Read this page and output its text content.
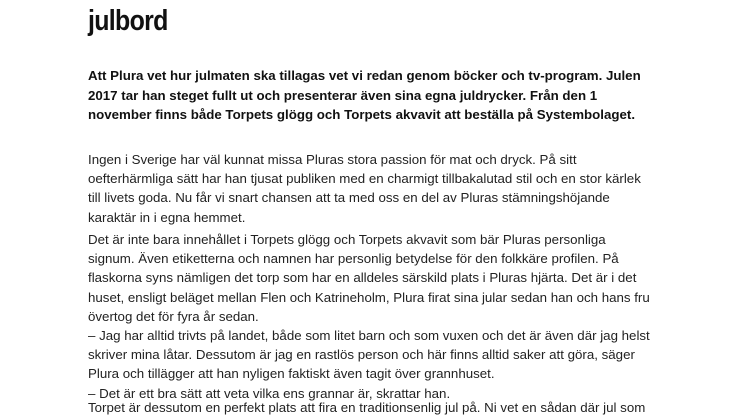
julbord

Att Plura vet hur julmaten ska tillagas vet vi redan genom böcker och tv-program. Julen
2017 tar han steget fullt ut och presenterar även sina egna juldrycker. Från den 1
november finns både Torpets glögg och Torpets akvavit att beställa på Systembolaget.

Ingen i Sverige har väl kunnat missa Pluras stora passion för mat och dryck. På sitt
oefterhärmliga sätt har han tjusat publiken med en charmigt tillbakalutad stil och en stor kärlek
till livets goda. Nu får vi snart chansen att ta med oss en del av Pluras stämningshöjande
karaktär in i egna hemmet.

Det är inte bara innehållet i Torpets glögg och Torpets akvavit som bär Pluras personliga
signum. Även etiketterna och namnen har personlig betydelse för den folkkäre profilen. På
flaskorna syns nämligen det torp som har en alldeles särskild plats i Pluras hjärta. Det är i det
huset, ensligt beläget mellan Flen och Katrineholm, Plura firat sina jular sedan han och hans fru
övertog det för fyra år sedan.
– Jag har alltid trivts på landet, både som litet barn och som vuxen och det är även där jag helst
skriver mina låtar. Dessutom är jag en rastlös person och här finns alltid saker att göra, säger
Plura och tillägger att han nyligen faktiskt även tagit över grannhuset.
– Det är ett bra sätt att veta vilka ens grannar är, skrattar han.

Torpet är dessutom en perfekt plats att fira en traditionsenlig jul på. Ni vet en sådan där jul som
